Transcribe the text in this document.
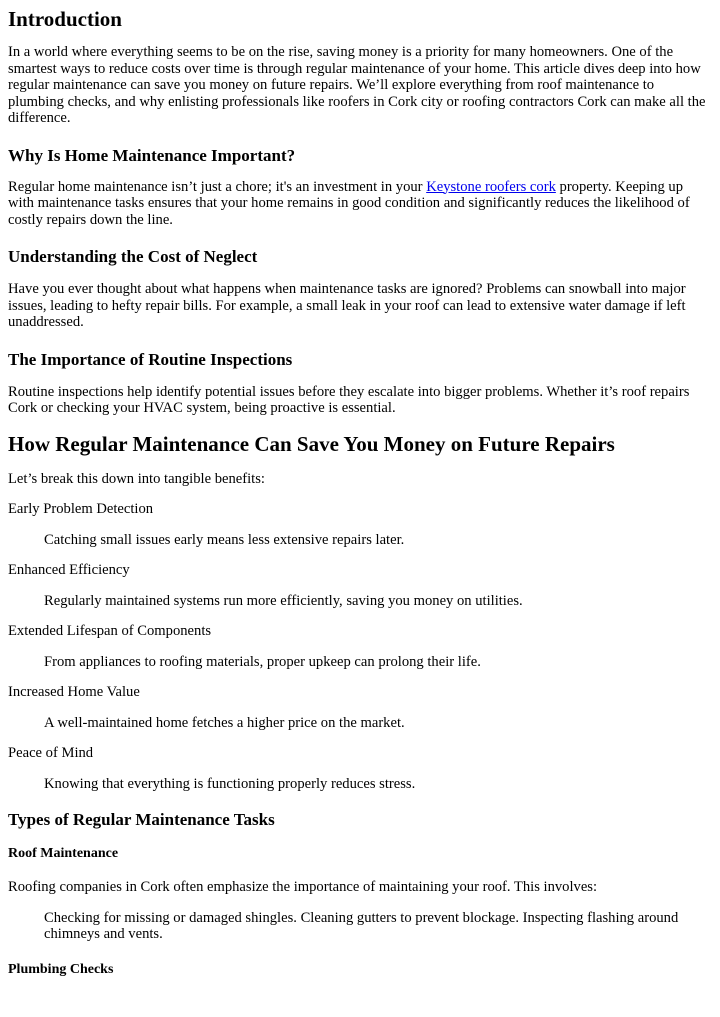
Introduction

In a world where everything seems to be on the rise, saving money is a priority for many homeowners. One of the smartest ways to reduce costs over time is through regular maintenance of your home. This article dives deep into how regular maintenance can save you money on future repairs. We’ll explore everything from roof maintenance to plumbing checks, and why enlisting professionals like roofers in Cork city or roofing contractors Cork can make all the difference.

Why Is Home Maintenance Important?

Regular home maintenance isn’t just a chore; it's an investment in your Keystone roofers cork property. Keeping up with maintenance tasks ensures that your home remains in good condition and significantly reduces the likelihood of costly repairs down the line.

Understanding the Cost of Neglect

Have you ever thought about what happens when maintenance tasks are ignored? Problems can snowball into major issues, leading to hefty repair bills. For example, a small leak in your roof can lead to extensive water damage if left unaddressed.

The Importance of Routine Inspections

Routine inspections help identify potential issues before they escalate into bigger problems. Whether it’s roof repairs Cork or checking your HVAC system, being proactive is essential.

How Regular Maintenance Can Save You Money on Future Repairs

Let’s break this down into tangible benefits:

Early Problem Detection
Catching small issues early means less extensive repairs later.
Enhanced Efficiency
Regularly maintained systems run more efficiently, saving you money on utilities.
Extended Lifespan of Components
From appliances to roofing materials, proper upkeep can prolong their life.
Increased Home Value
A well-maintained home fetches a higher price on the market.
Peace of Mind
Knowing that everything is functioning properly reduces stress.
Types of Regular Maintenance Tasks
Roof Maintenance

Roofing companies in Cork often emphasize the importance of maintaining your roof. This involves:

Checking for missing or damaged shingles. Cleaning gutters to prevent blockage. Inspecting flashing around chimneys and vents.
Plumbing Checks
